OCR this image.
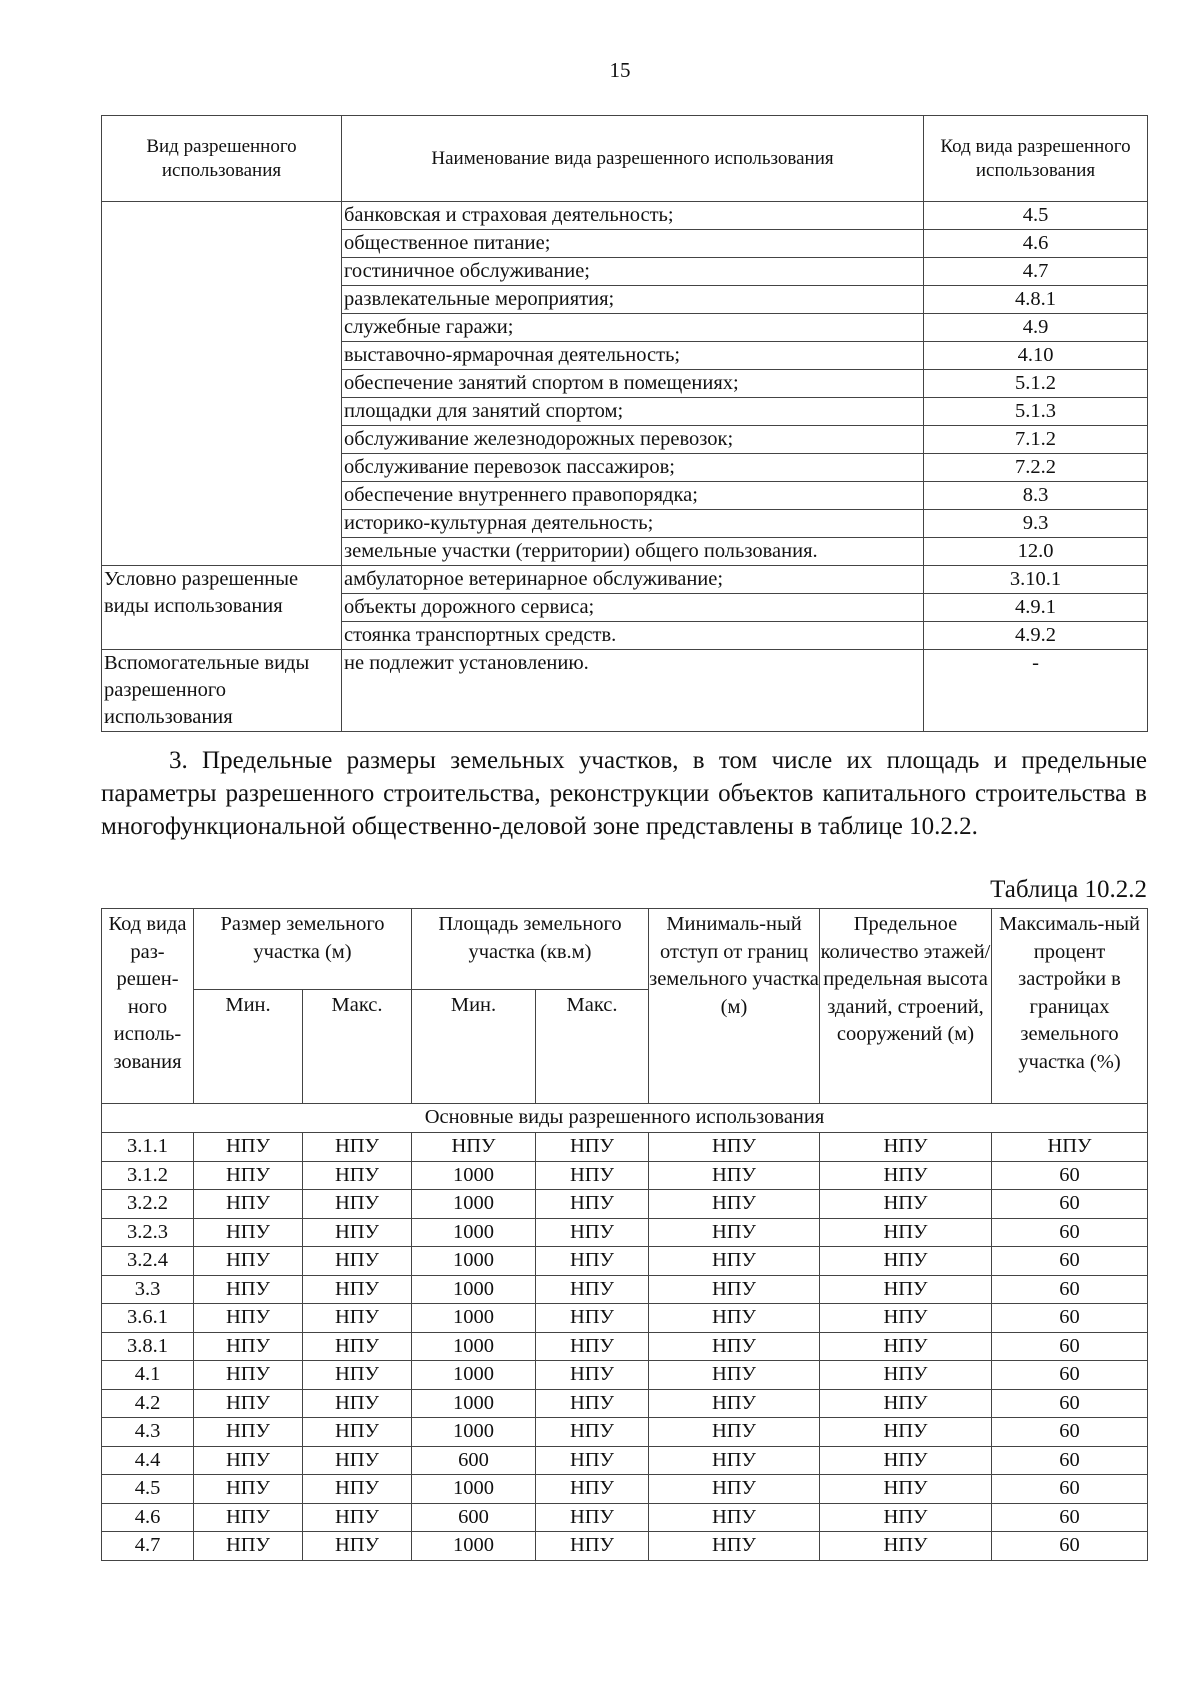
15
Вид разрешенного использования	Наименование вида разрешенного использования	Код вида разрешенного использования
	банковская и страховая деятельность;	4.5
	общественное питание;	4.6
	гостиничное обслуживание;	4.7
	развлекательные мероприятия;	4.8.1
	служебные гаражи;	4.9
	выставочно-ярмарочная деятельность;	4.10
	обеспечение занятий спортом в помещениях;	5.1.2
	площадки для занятий спортом;	5.1.3
	обслуживание железнодорожных перевозок;	7.1.2
	обслуживание перевозок пассажиров;	7.2.2
	обеспечение внутреннего правопорядка;	8.3
	историко-культурная деятельность;	9.3
	земельные участки (территории) общего пользования.	12.0
Условно разрешенные виды использования	амбулаторное ветеринарное обслуживание;	3.10.1
	объекты дорожного сервиса;	4.9.1
	стоянка транспортных средств.	4.9.2
Вспомогательные виды разрешенного использования	не подлежит установлению.	-
3. Предельные размеры земельных участков, в том числе их площадь и предельные параметры разрешенного строительства, реконструкции объектов капитального строительства в многофункциональной общественно-деловой зоне представлены в таблице 10.2.2.
Таблица 10.2.2
Код вида раз-решен-ного исполь-зования	Размер земельного участка (м)		Площадь земельного участка (кв.м)		Минималь-ный отступ от границ земельного участка (м)	Предельное количество этажей/ предельная высота зданий, строений, сооружений (м)	Максималь-ный процент застройки в границах земельного участка (%)
	Мин.	Макс.	Мин.	Макс.			
Основные виды разрешенного использования							
3.1.1	НПУ	НПУ	НПУ	НПУ	НПУ	НПУ	НПУ
3.1.2	НПУ	НПУ	1000	НПУ	НПУ	НПУ	60
3.2.2	НПУ	НПУ	1000	НПУ	НПУ	НПУ	60
3.2.3	НПУ	НПУ	1000	НПУ	НПУ	НПУ	60
3.2.4	НПУ	НПУ	1000	НПУ	НПУ	НПУ	60
3.3	НПУ	НПУ	1000	НПУ	НПУ	НПУ	60
3.6.1	НПУ	НПУ	1000	НПУ	НПУ	НПУ	60
3.8.1	НПУ	НПУ	1000	НПУ	НПУ	НПУ	60
4.1	НПУ	НПУ	1000	НПУ	НПУ	НПУ	60
4.2	НПУ	НПУ	1000	НПУ	НПУ	НПУ	60
4.3	НПУ	НПУ	1000	НПУ	НПУ	НПУ	60
4.4	НПУ	НПУ	600	НПУ	НПУ	НПУ	60
4.5	НПУ	НПУ	1000	НПУ	НПУ	НПУ	60
4.6	НПУ	НПУ	600	НПУ	НПУ	НПУ	60
4.7	НПУ	НПУ	1000	НПУ	НПУ	НПУ	60
